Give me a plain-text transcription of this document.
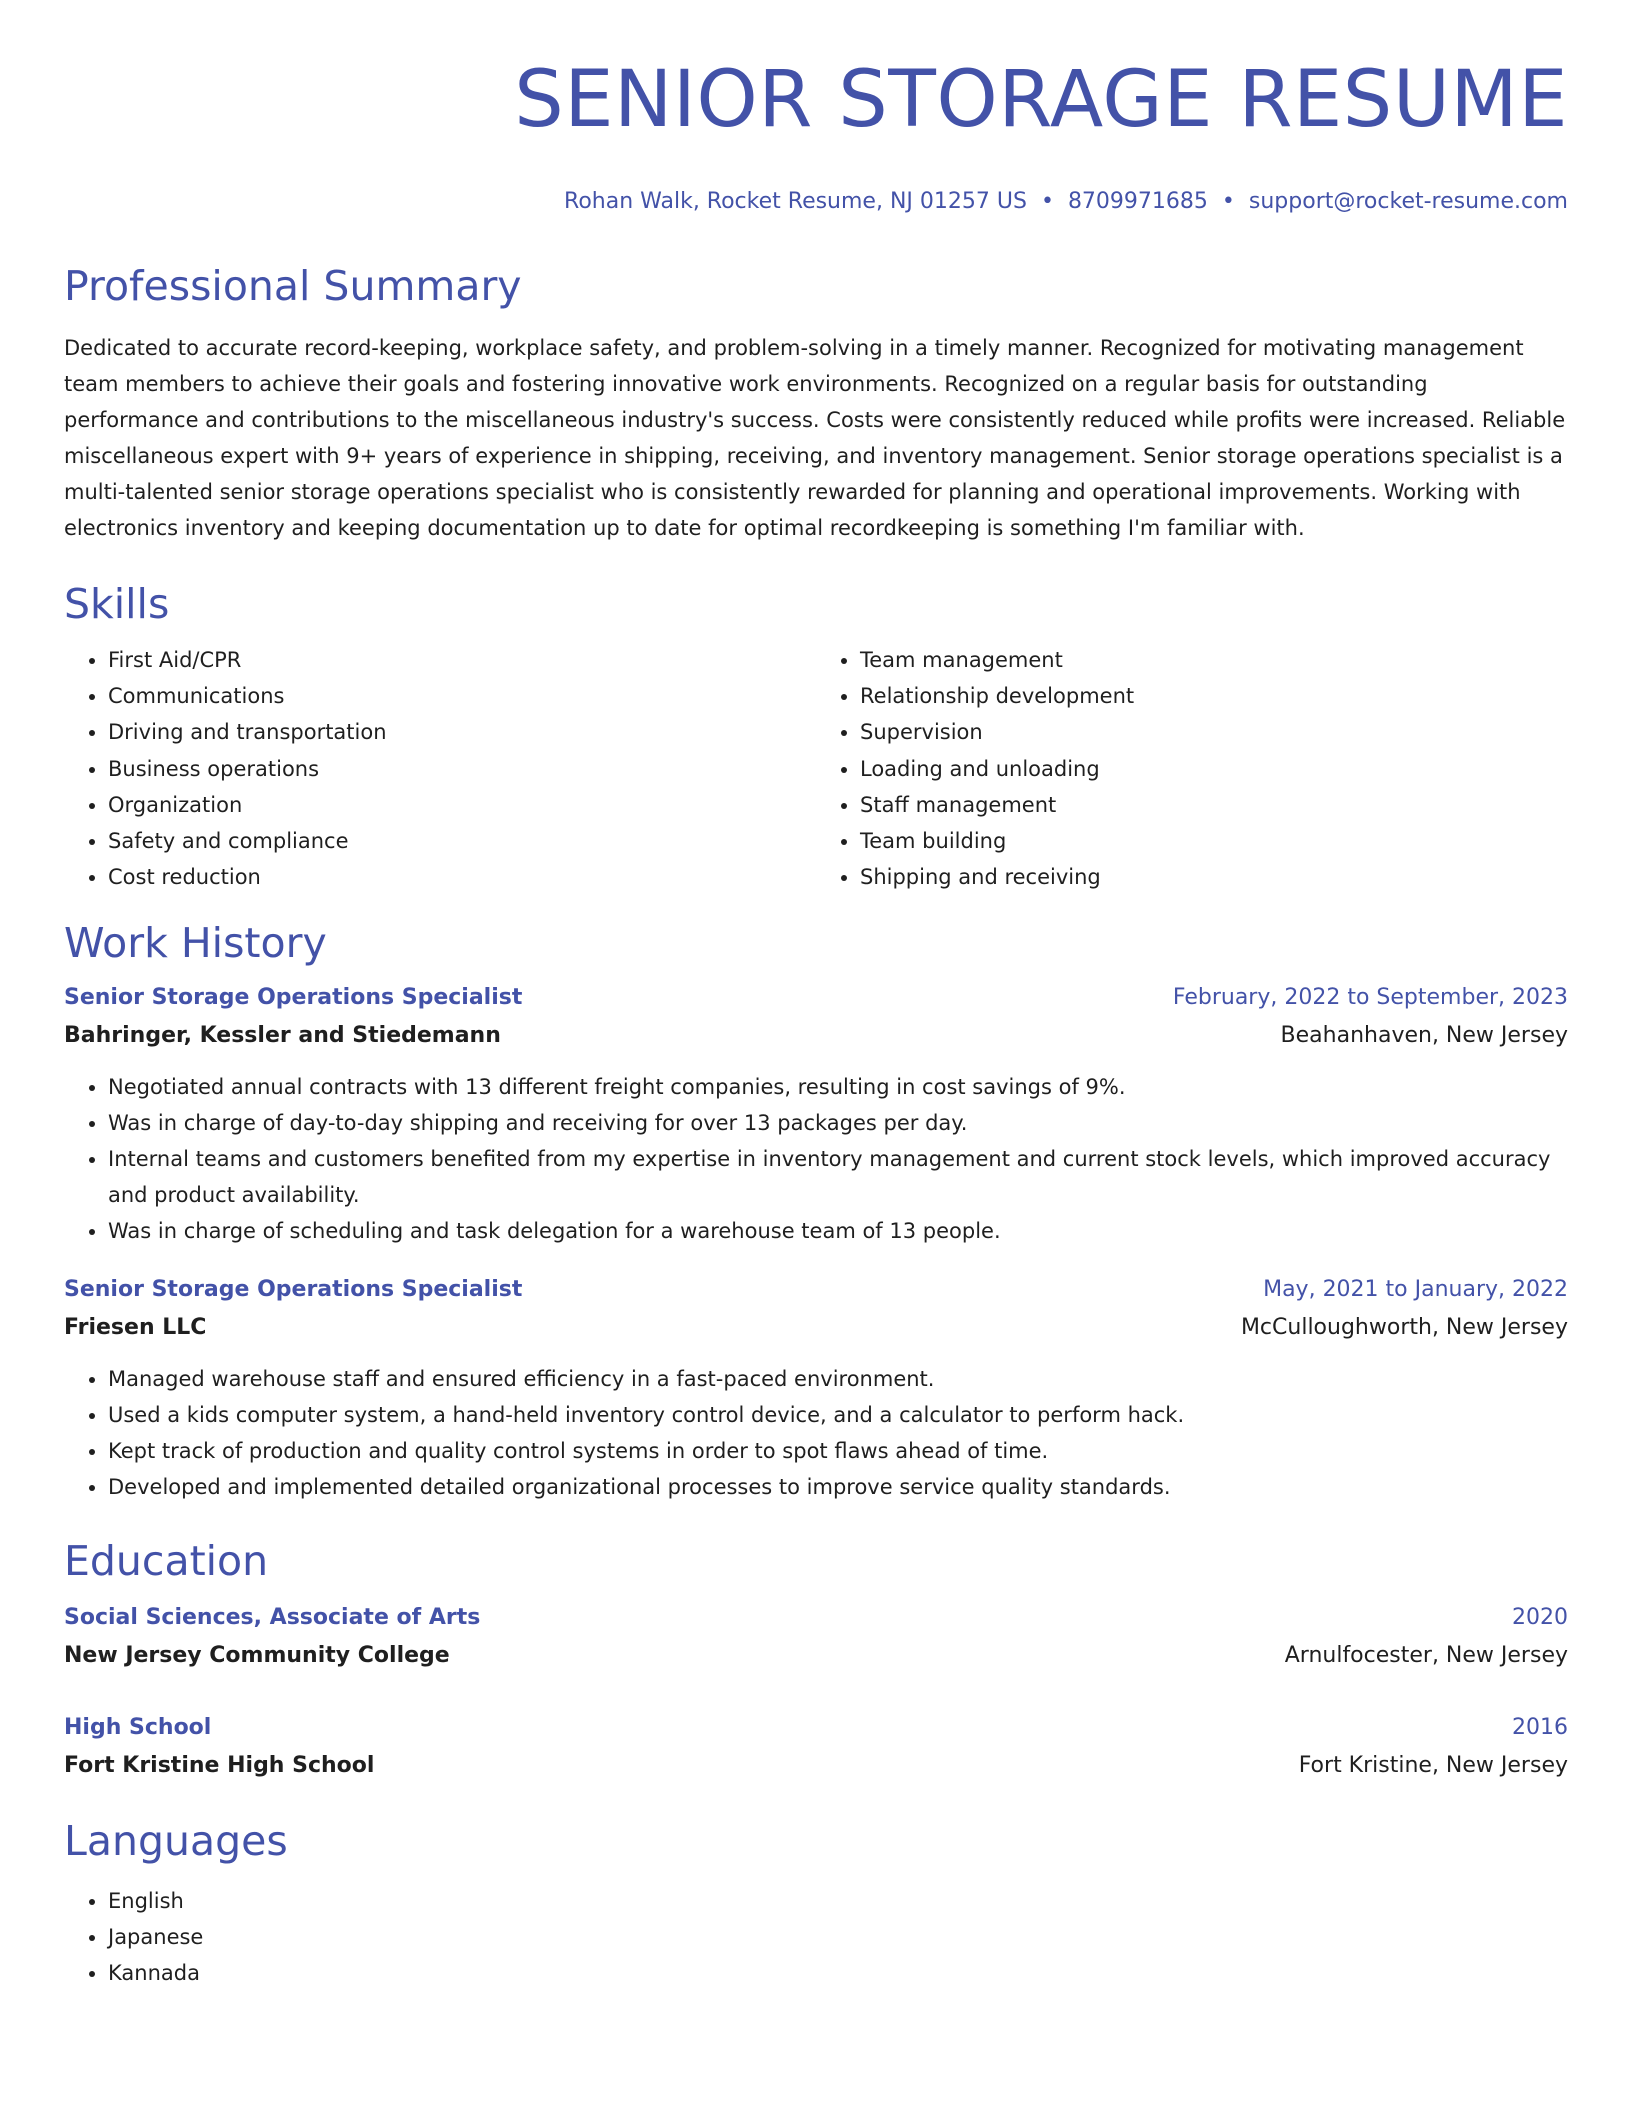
SENIOR STORAGE RESUME
Rohan Walk, Rocket Resume, NJ 01257 US • 8709971685 • support@rocket-resume.com
Professional Summary

Dedicated to accurate record-keeping, workplace safety, and problem-solving in a timely manner. Recognized for motivating management team members to achieve their goals and fostering innovative work environments. Recognized on a regular basis for outstanding performance and contributions to the miscellaneous industry's success. Costs were consistently reduced while profits were increased. Reliable miscellaneous expert with 9+ years of experience in shipping, receiving, and inventory management. Senior storage operations specialist is a multi-talented senior storage operations specialist who is consistently rewarded for planning and operational improvements. Working with electronics inventory and keeping documentation up to date for optimal recordkeeping is something I'm familiar with.

Skills
• First Aid/CPR
• Communications
• Driving and transportation
• Business operations
• Organization
• Safety and compliance
• Cost reduction
• Team management
• Relationship development
• Supervision
• Loading and unloading
• Staff management
• Team building
• Shipping and receiving
Work History
Senior Storage Operations Specialist	February, 2022 to September, 2023
Bahringer, Kessler and Stiedemann	Beahanhaven, New Jersey
• Negotiated annual contracts with 13 different freight companies, resulting in cost savings of 9%.
• Was in charge of day-to-day shipping and receiving for over 13 packages per day.
• Internal teams and customers benefited from my expertise in inventory management and current stock levels, which improved accuracy and product availability.
• Was in charge of scheduling and task delegation for a warehouse team of 13 people.
Senior Storage Operations Specialist	May, 2021 to January, 2022
Friesen LLC	McCulloughworth, New Jersey
• Managed warehouse staff and ensured efficiency in a fast-paced environment.
• Used a kids computer system, a hand-held inventory control device, and a calculator to perform hack.
• Kept track of production and quality control systems in order to spot flaws ahead of time.
• Developed and implemented detailed organizational processes to improve service quality standards.
Education
Social Sciences, Associate of Arts	2020
New Jersey Community College	Arnulfocester, New Jersey
High School	2016
Fort Kristine High School	Fort Kristine, New Jersey
Languages
• English
• Japanese
• Kannada
